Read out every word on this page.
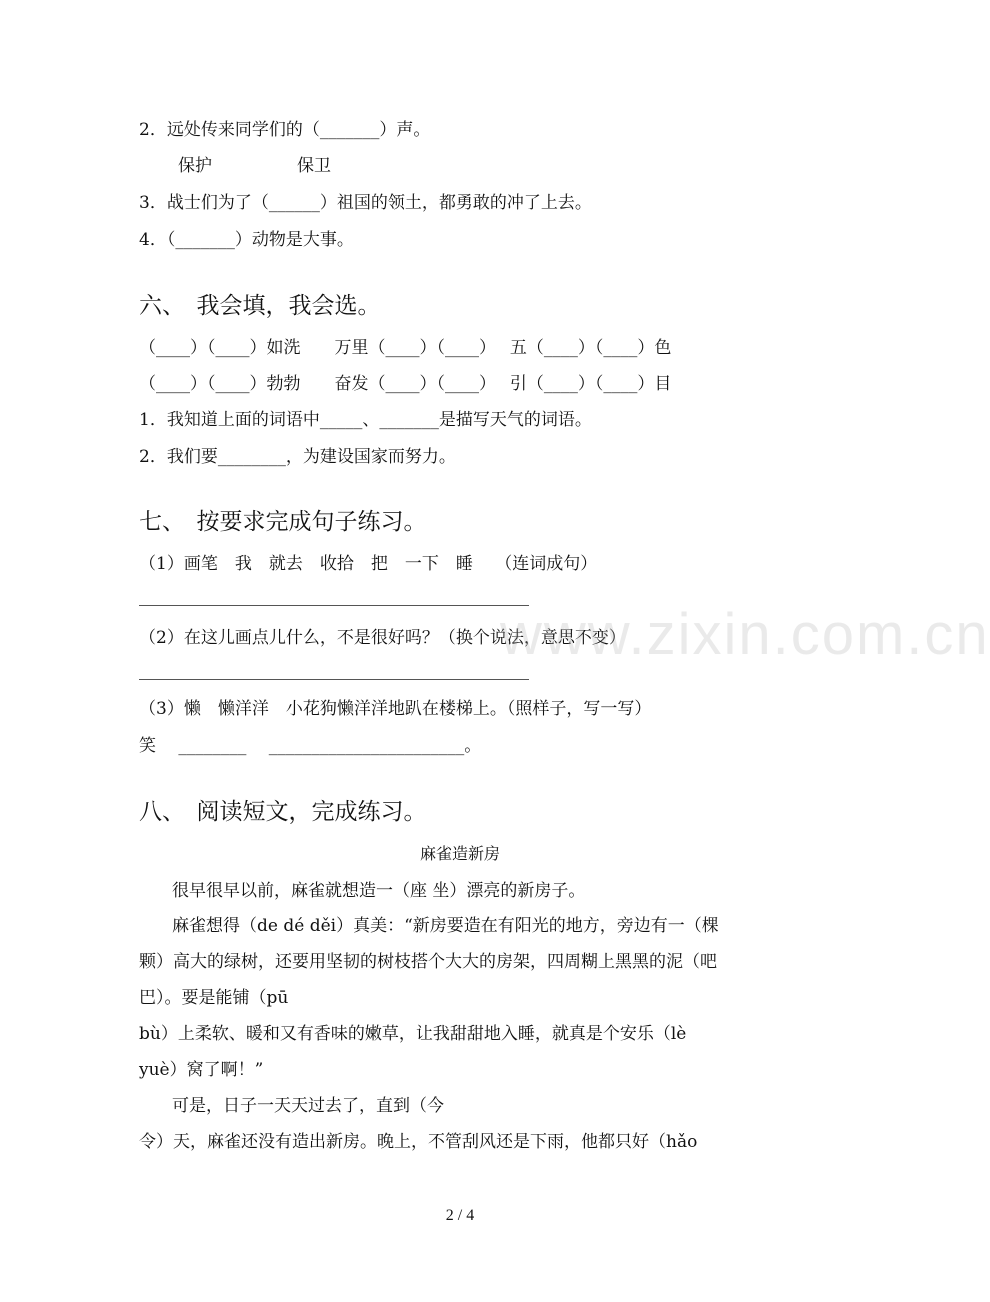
2．远处传来同学们的（_______）声。
保护　　　　　保卫
3．战士们为了（______）祖国的领土，都勇敢的冲了上去。
4．（_______）动物是大事。
六、　我会填，我会选。
（____）（____）如洗　　万里（____）（____）　 五（____）（____）色
（____）（____）勃勃　　奋发（____）（____）　 引（____）（____）目
1．我知道上面的词语中_____、_______是描写天气的词语。
2．我们要________，为建设国家而努力。
七、　按要求完成句子练习。
（1）画笔　我　就去　收拾　把　一下　睡　 （连词成句）
（2）在这儿画点儿什么，不是很好吗？（换个说法，意思不变）
（3）懒　懒洋洋　小花狗懒洋洋地趴在楼梯上。（照样子，写一写）
笑　 ________　 _______________________。
www.zixin.com.cn
八、　阅读短文，完成练习。
麻雀造新房
很早很早以前，麻雀就想造一（座 坐）漂亮的新房子。
麻雀想得（de dé děi）真美：“新房要造在有阳光的地方，旁边有一（棵
颗）高大的绿树，还要用坚韧的树枝搭个大大的房架，四周糊上黑黑的泥（吧
巴）。要是能铺（pū
bù）上柔软、暖和又有香味的嫩草，让我甜甜地入睡，就真是个安乐（lè
yuè）窝了啊！”
可是，日子一天天过去了，直到（今
令）天，麻雀还没有造出新房。晚上，不管刮风还是下雨，他都只好（hǎo
2 / 4
